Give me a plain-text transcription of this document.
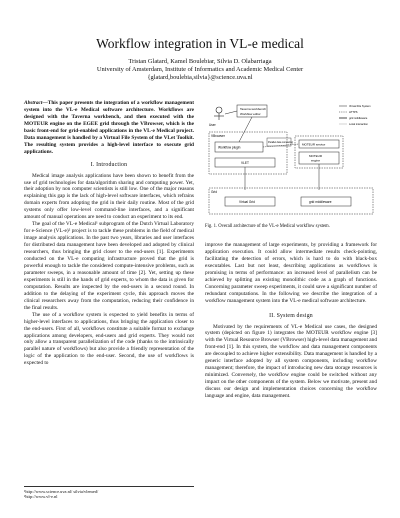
Workflow integration in VL-e medical
Tristan Glatard, Kamel Boulebiar, Silvia D. Olabarriaga
University of Amsterdam, Institute of Informatics and Academic Medical Center
{glatard,boulebia,silvia}@science.uva.nl
Abstract—This paper presents the integration of a workflow management system into the VL-e Medical software architecture. Workflows are designed with the Taverna workbench, and then executed with the MOTEUR engine on the EGEE grid through the VBrowser, which is the basic front-end for grid-enabled applications in the VL-e Medical project. Data management is handled by a Virtual File System of the VLet Toolkit. The resulting system provides a high-level interface to execute grid applications.
I. Introduction

Medical image analysis applications have been shown to benefit from the use of grid technologies for data/algorithm sharing and computing power. Yet, their adoption by non computer scientists is still low. One of the major reasons explaining this gap is the lack of high-level software interfaces, which refrains domain experts from adopting the grid in their daily routine. Most of the grid systems only offer low-level command-line interfaces, and a significant amount of manual operations are need to conduct an experiment to its end.

The goal of the VL-e Medical¹ subprogram of the Dutch Virtual Laboratory for e-Science (VL-e)² project is to tackle these problems in the field of medical image analysis applications. In the past two years, libraries and user interfaces for distributed data management have been developed and adopted by clinical researchers, thus bringing the grid closer to the end-users [1]. Experiments conducted on the VL-e computing infrastructure proved that the grid is powerful enough to tackle the considered compute-intensive problems, such as parameter sweeps, in a reasonable amount of time [2]. Yet, setting up these experiments is still in the hands of grid experts, to whom the data is given for computation. Results are inspected by the end-users in a second round. In addition to the delaying of the experiment cycle, this approach moves the clinical researchers away from the computation, reducing their confidence in the final results.

The use of a workflow system is expected to yield benefits in terms of higher-level interfaces to applications, thus bringing the application closer to the end-users. First of all, workflows constitute a suitable format to exchange applications among developers, end-users and grid experts. They would not only allow a transparent parallelization of the code (thanks to the intrinsically parallel nature of workflows) but also provide a friendly representation of the logic of the application to the end-user. Second, the use of workflows is expected to

¹http://www.science.uva.nl/ silvia/vlemed/
²http://www.vl-e.nl
User
Taverna workbench
Workflow editor
VBrowser
Workflow plugin
VLET
MOTEUR service
MOTEUR
engine
Parallel data computing
Grid
Virtual Grid	grid middleware
Virtual File System
HTTPS
grid middleware
Local interaction
Fig. 1. Overall architecture of the VL-e Medical workflow system.

improve the management of large experiments, by providing a framework for application execution. It could allow intermediate results check-pointing, facilitating the detection of errors, which is hard to do with black-box executables. Last but not least, describing applications as workflows is promising in terms of performance: an increased level of parallelism can be achieved by splitting an existing monolithic code as a graph of functions. Concerning parameter sweep experiments, it could save a significant number of redundant computations. In the following we describe the integration of a workflow management system into the VL-e medical software architecture.

II. System design

Motivated by the requirements of VL-e Medical use cases, the designed system (depicted on figure 1) integrates the MOTEUR workflow engine [3] with the Virtual Resource Browser (VBrowser) high-level data management and front-end [1]. In this system, the workflow and data management components are decoupled to achieve higher extensibility. Data management is handled by a generic interface adopted by all system components, including workflow management; therefore, the impact of introducing new data storage resources is minimized. Conversely, the workflow engine could be switched without any impact on the other components of the system. Below we motivate, present and discuss our design and implementation choices concerning the workflow language and engine, data management.
